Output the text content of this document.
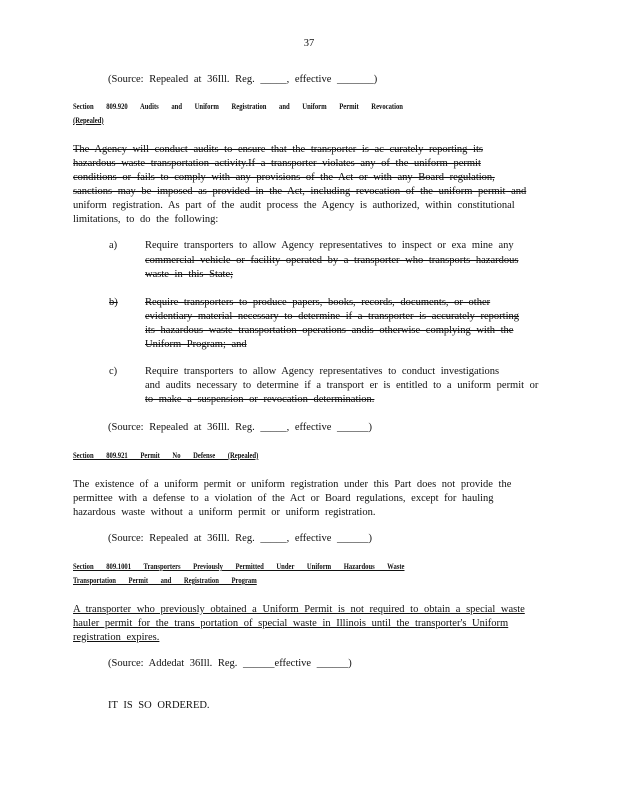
37
(Source: Repealed at 36Ill. Reg. _____, effective _______)
Section 809.920 Audits and Uniform Registration and Uniform Permit Revocation
(Repealed)
The Agency will conduct audits to ensure that the transporter is ac curately reporting its
hazardous waste transportation activity.If a transporter violates any of the uniform permit
conditions or fails to comply with any provisions of the Act or with any Board regulation,
sanctions may be imposed as provided in the Act, including revocation of the uniform permit and
uniform registration. As part of the audit process the Agency is authorized, within constitutional
limitations, to do the following:
a)	Require transporters to allow Agency representatives to inspect or exa mine any
commercial vehicle or facility operated by a transporter who transports hazardous
waste in this State;
b)	Require transporters to produce papers, books, records, documents, or other
evidentiary material necessary to determine if a transporter is accurately reporting
its hazardous waste transportation operations andis otherwise complying with the
Uniform Program; and
c)	Require transporters to allow Agency representatives to conduct investigations
and audits necessary to determine if a transport er is entitled to a uniform permit or
to make a suspension or revocation determination.
(Source: Repealed at 36Ill. Reg. _____, effective ______)
Section 809.921 Permit No Defense (Repealed)
The existence of a uniform permit or uniform registration under this Part does not provide the
permittee with a defense to a violation of the Act or Board regulations, except for hauling
hazardous waste without a uniform permit or uniform registration.
(Source: Repealed at 36Ill. Reg. _____, effective ______)
Section 809.1001 Transporters Previously Permitted Under Uniform Hazardous Waste
Transportation Permit and Registration Program
A transporter who previously obtained a Uniform Permit is not required to obtain a special waste
hauler permit for the trans portation of special waste in Illinois until the transporter's Uniform
registration expires.
(Source: Addedat 36Ill. Reg. ______effective ______)
IT IS SO ORDERED.
